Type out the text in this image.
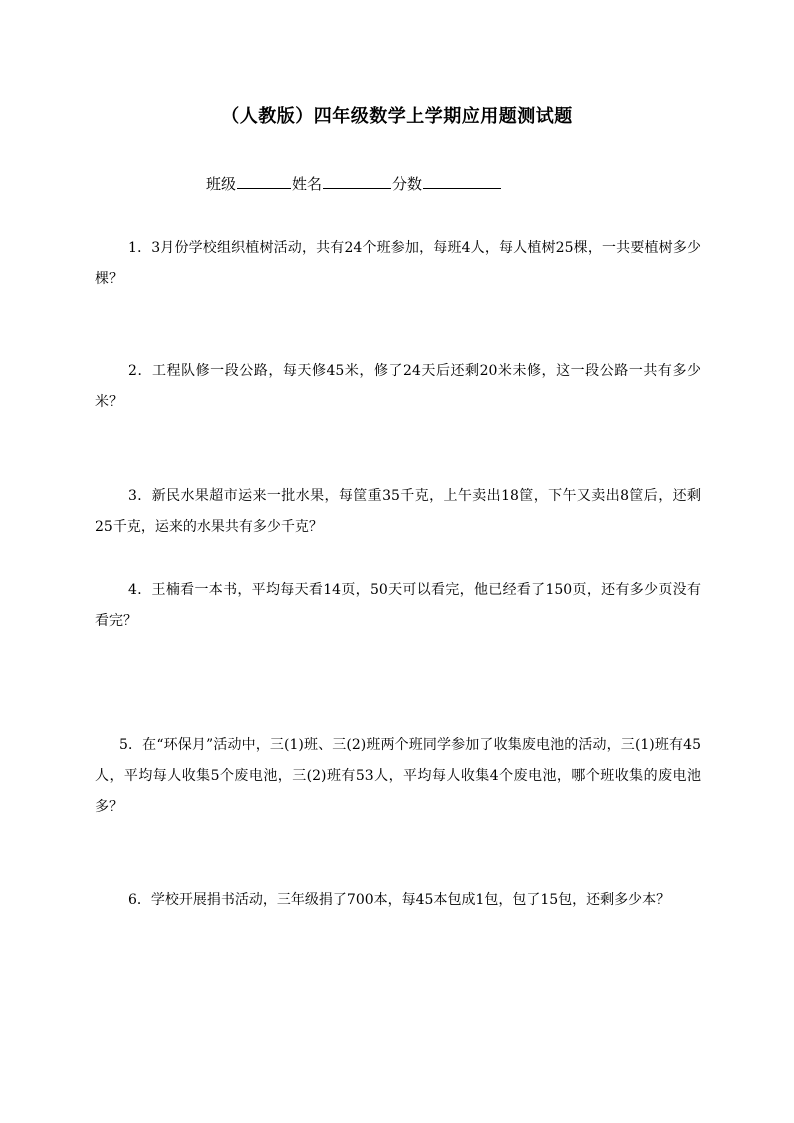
（人教版）四年级数学上学期应用题测试题
班级	姓名	分数

1．3月份学校组织植树活动，共有24个班参加，每班4人，每人植树25棵，一共要植树多少棵？

2．工程队修一段公路，每天修45米，修了24天后还剩20米未修，这一段公路一共有多少米？

3．新民水果超市运来一批水果，每筐重35千克，上午卖出18筐，下午又卖出8筐后，还剩25千克，运来的水果共有多少千克？

4．王楠看一本书，平均每天看14页，50天可以看完，他已经看了150页，还有多少页没有看完？

5．在“环保月”活动中，三(1)班、三(2)班两个班同学参加了收集废电池的活动，三(1)班有45人，平均每人收集5个废电池，三(2)班有53人，平均每人收集4个废电池，哪个班收集的废电池多？

6．学校开展捐书活动，三年级捐了700本，每45本包成1包，包了15包，还剩多少本？
